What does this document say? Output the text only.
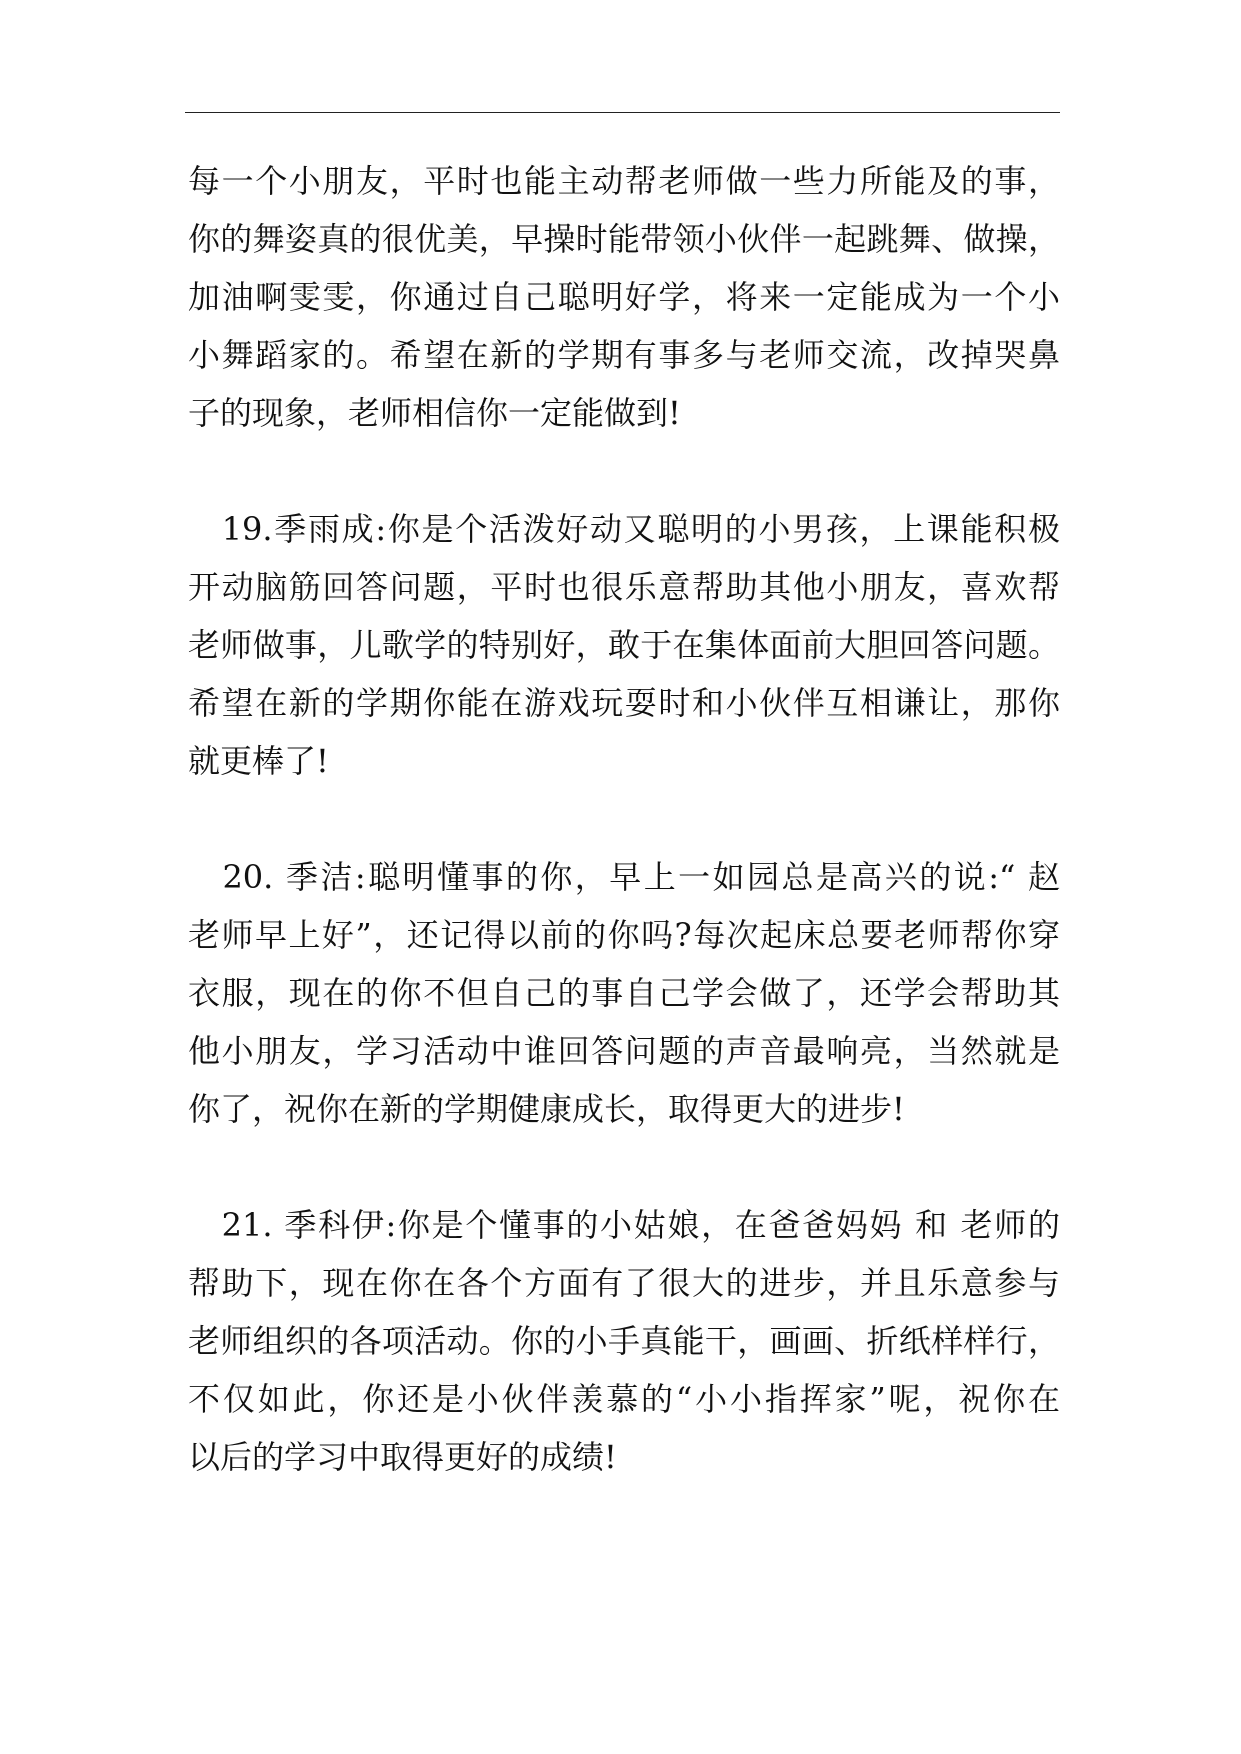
每一个小朋友，平时也能主动帮老师做一些力所能及的事，
你的舞姿真的很优美，早操时能带领小伙伴一起跳舞、做操，
加油啊雯雯，你通过自己聪明好学，将来一定能成为一个小
小舞蹈家的。希望在新的学期有事多与老师交流，改掉哭鼻
子的现象，老师相信你一定能做到!
　19.季雨成:你是个活泼好动又聪明的小男孩，上课能积极
开动脑筋回答问题，平时也很乐意帮助其他小朋友，喜欢帮
老师做事，儿歌学的特别好，敢于在集体面前大胆回答问题。
希望在新的学期你能在游戏玩耍时和小伙伴互相谦让，那你
就更棒了!
　20. 季洁:聪明懂事的你，早上一如园总是高兴的说:“ 赵
老师早上好”，还记得以前的你吗?每次起床总要老师帮你穿
衣服，现在的你不但自己的事自己学会做了，还学会帮助其
他小朋友，学习活动中谁回答问题的声音最响亮，当然就是
你了，祝你在新的学期健康成长，取得更大的进步!
　21. 季科伊:你是个懂事的小姑娘，在爸爸妈妈 和 老师的
帮助下，现在你在各个方面有了很大的进步，并且乐意参与
老师组织的各项活动。你的小手真能干，画画、折纸样样行，
不仅如此，你还是小伙伴羡慕的“小小指挥家”呢，祝你在
以后的学习中取得更好的成绩!
